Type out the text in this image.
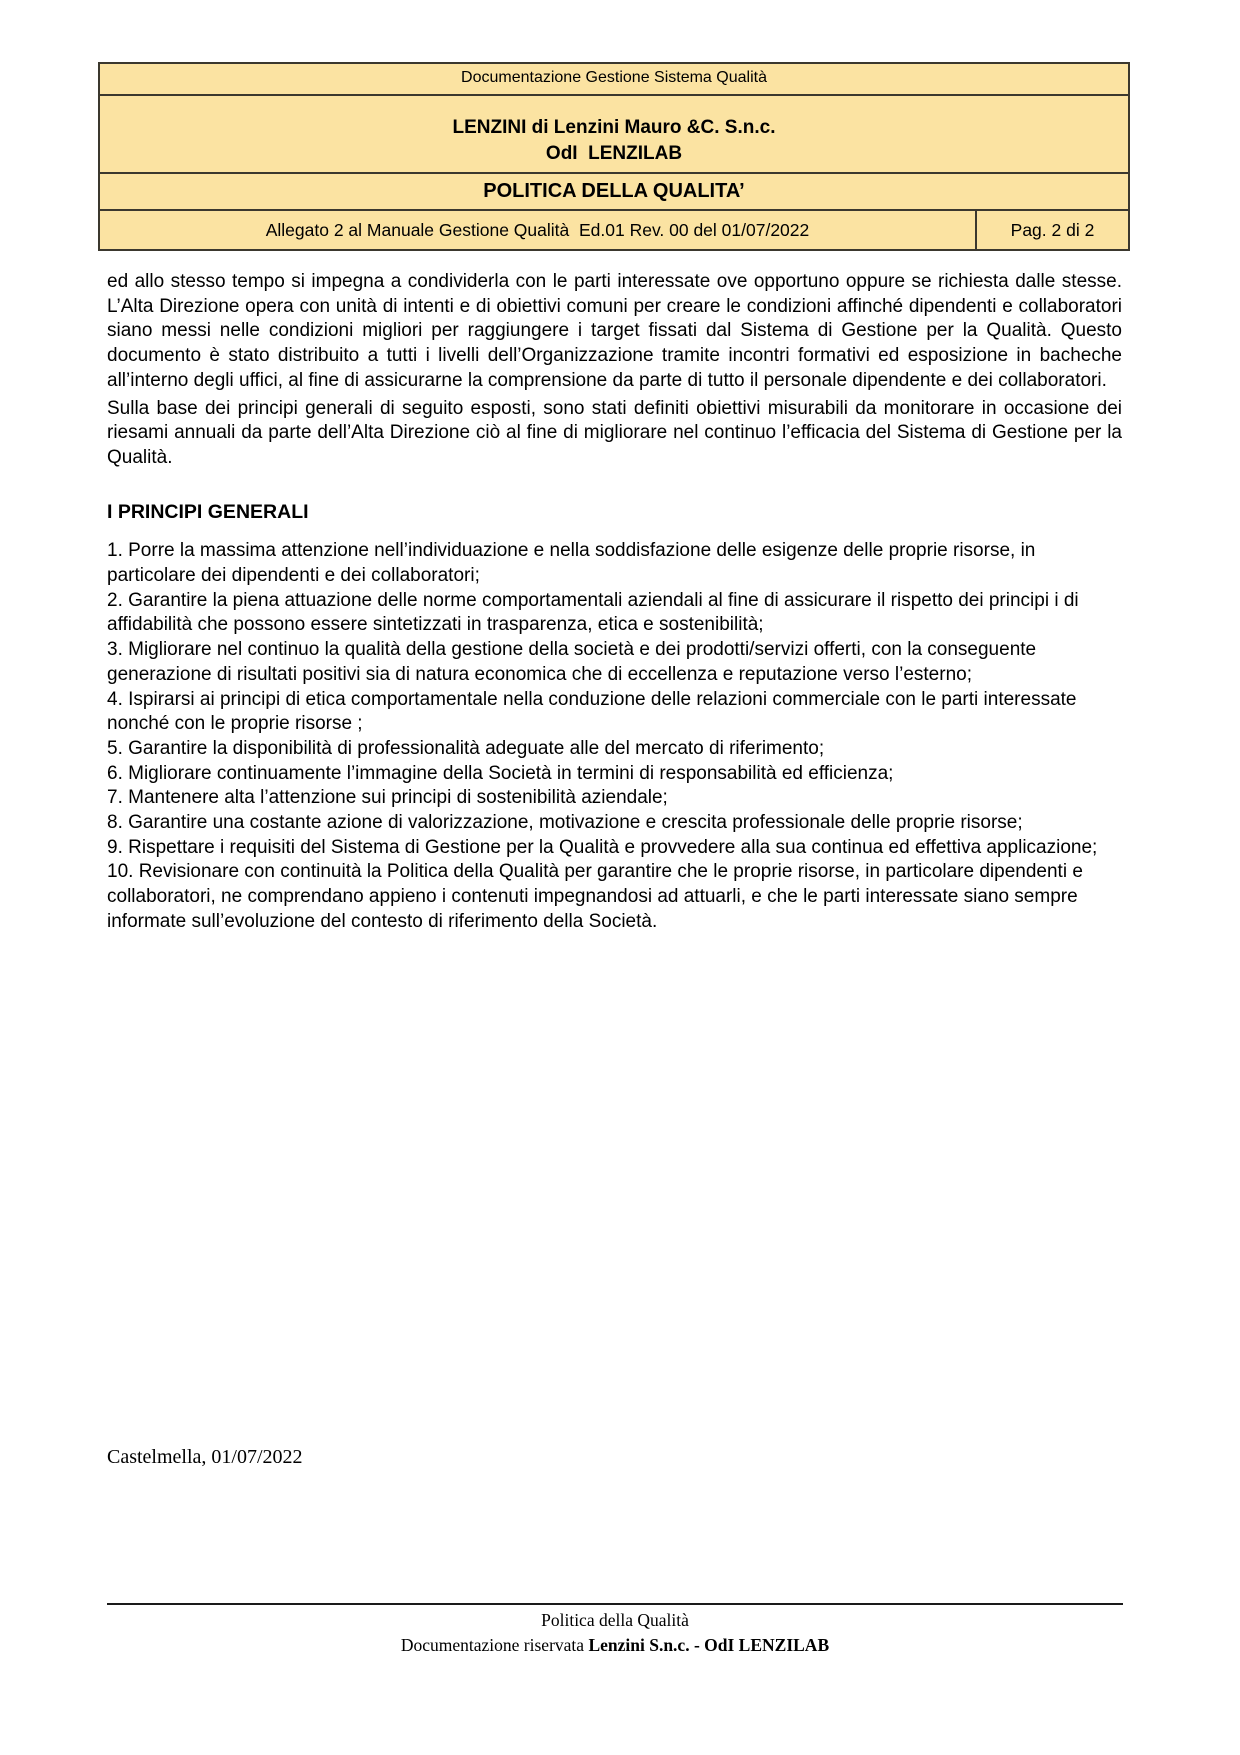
Documentazione Gestione Sistema Qualità
LENZINI di Lenzini Mauro &C. S.n.c.
OdI  LENZILAB
POLITICA DELLA QUALITA’
Allegato 2 al Manuale Gestione Qualità  Ed.01 Rev. 00 del 01/07/2022	Pag. 2 di 2

ed allo stesso tempo si impegna a condividerla con le parti interessate ove opportuno oppure se richiesta dalle stesse. L’Alta Direzione opera con unità di intenti e di obiettivi comuni per creare le condizioni affinché dipendenti e collaboratori siano messi nelle condizioni migliori per raggiungere i target fissati dal Sistema di Gestione per la Qualità. Questo documento è stato distribuito a tutti i livelli dell’Organizzazione tramite incontri formativi ed esposizione in bacheche all’interno degli uffici, al fine di assicurarne la comprensione da parte di tutto il personale dipendente e dei collaboratori.

Sulla base dei principi generali di seguito esposti, sono stati definiti obiettivi misurabili da monitorare in occasione dei riesami annuali da parte dell’Alta Direzione ciò al fine di migliorare nel continuo l’efficacia del Sistema di Gestione per la Qualità.

I PRINCIPI GENERALI

1. Porre la massima attenzione nell’individuazione e nella soddisfazione delle esigenze delle proprie risorse, in particolare dei dipendenti e dei collaboratori;

2. Garantire la piena attuazione delle norme comportamentali aziendali al fine di assicurare il rispetto dei principi i di affidabilità che possono essere sintetizzati in trasparenza, etica e sostenibilità;

3. Migliorare nel continuo la qualità della gestione della società e dei prodotti/servizi offerti, con la conseguente generazione di risultati positivi sia di natura economica che di eccellenza e reputazione verso l’esterno;

4. Ispirarsi ai principi di etica comportamentale nella conduzione delle relazioni commerciale con le parti interessate nonché con le proprie risorse ;

5. Garantire la disponibilità di professionalità adeguate alle del mercato di riferimento;

6. Migliorare continuamente l’immagine della Società in termini di responsabilità ed efficienza;

7. Mantenere alta l’attenzione sui principi di sostenibilità aziendale;

8. Garantire una costante azione di valorizzazione, motivazione e crescita professionale delle proprie risorse;

9. Rispettare i requisiti del Sistema di Gestione per la Qualità e provvedere alla sua continua ed effettiva applicazione;

10. Revisionare con continuità la Politica della Qualità per garantire che le proprie risorse, in particolare dipendenti e collaboratori, ne comprendano appieno i contenuti impegnandosi ad attuarli, e che le parti interessate siano sempre informate sull’evoluzione del contesto di riferimento della Società.

Castelmella, 01/07/2022
Politica della Qualità
Documentazione riservata Lenzini S.n.c. - OdI LENZILAB
